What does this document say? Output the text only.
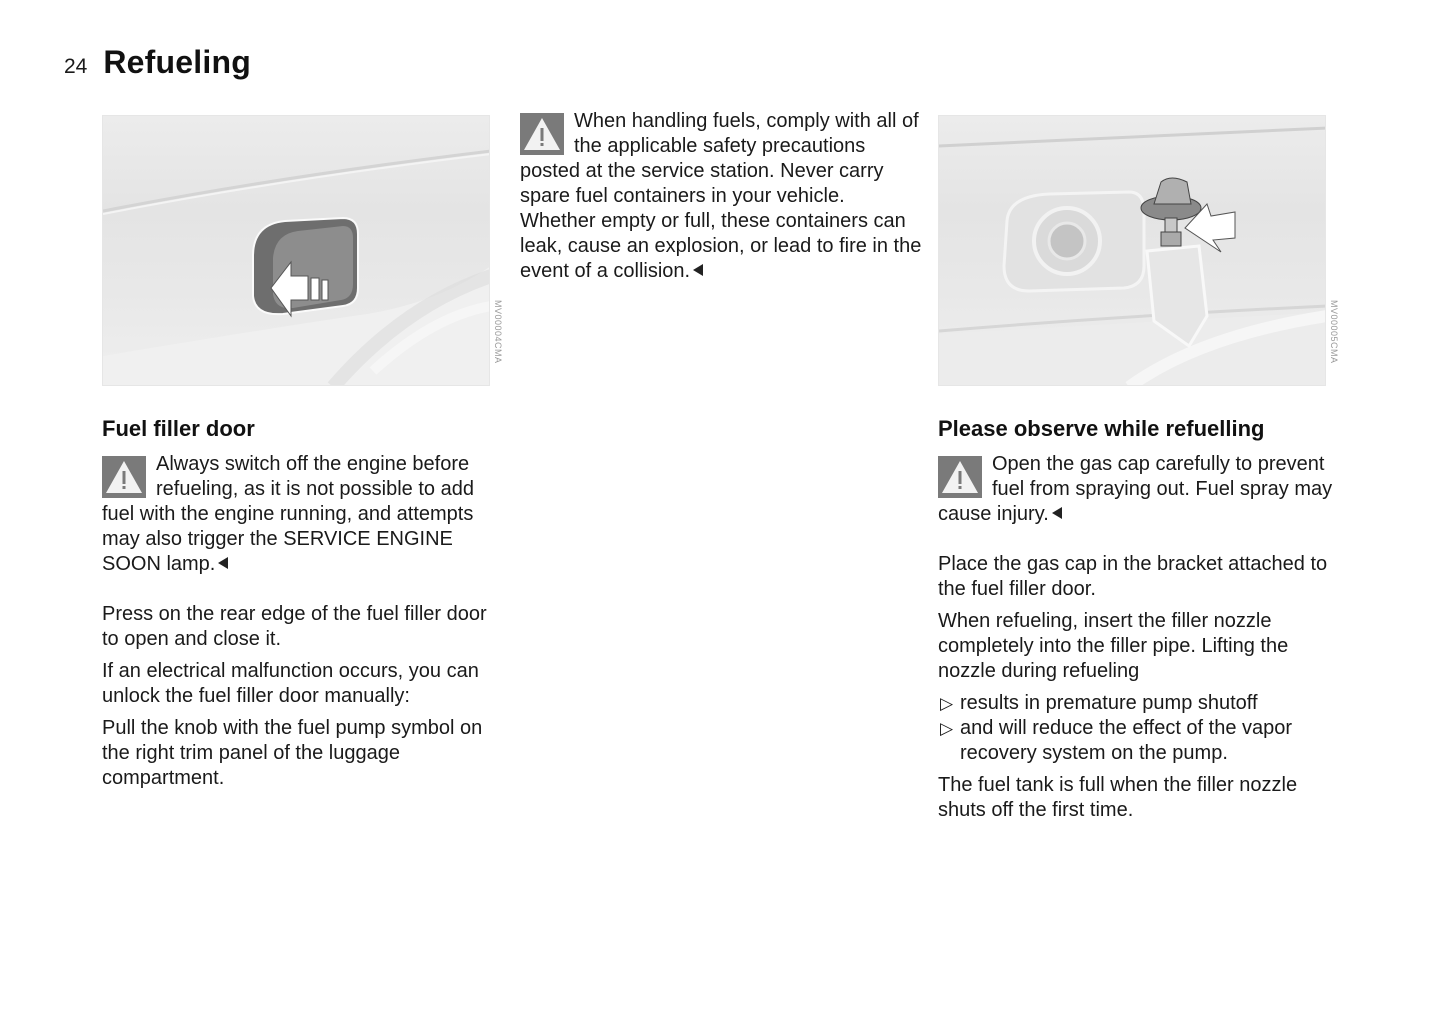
24 Refueling
MV00004CMA
When handling fuels, comply with all of the applicable safety precautions posted at the service station. Never carry spare fuel containers in your vehicle. Whether empty or full, these containers can leak, cause an explosion, or lead to fire in the event of a collision.
MV00005CMA
Fuel filler door
Always switch off the engine before refueling, as it is not possible to add fuel with the engine running, and attempts may also trigger the SERVICE ENGINE SOON lamp.

Press on the rear edge of the fuel filler door to open and close it.

If an electrical malfunction occurs, you can unlock the fuel filler door manually:

Pull the knob with the fuel pump symbol on the right trim panel of the luggage compartment.

Please observe while refuelling
Open the gas cap carefully to prevent fuel from spraying out. Fuel spray may cause injury.

Place the gas cap in the bracket attached to the fuel filler door.

When refueling, insert the filler nozzle completely into the filler pipe. Lifting the nozzle during refueling

▷ results in premature pump shutoff
▷ and will reduce the effect of the vapor recovery system on the pump.

The fuel tank is full when the filler nozzle shuts off the first time.
